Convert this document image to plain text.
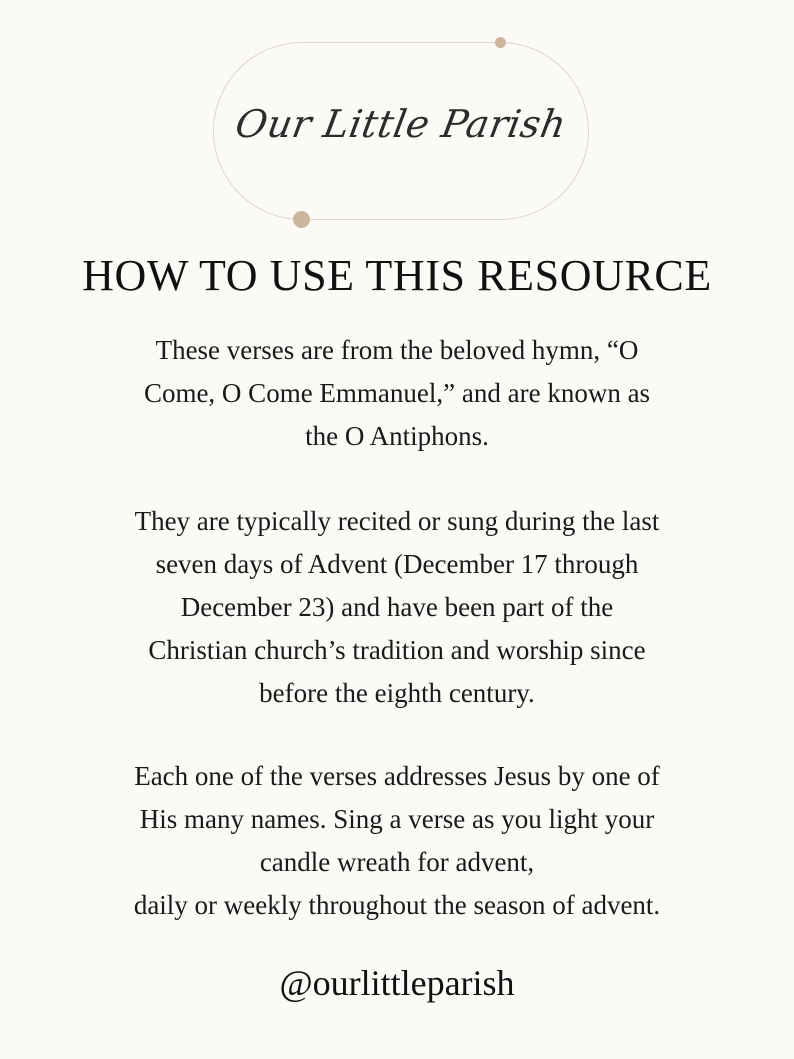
Our Little Parish
HOW TO USE THIS RESOURCE
These verses are from the beloved hymn, “O
Come, O Come Emmanuel,” and are known as
the O Antiphons.
They are typically recited or sung during the last
seven days of Advent (December 17 through
December 23) and have been part of the
Christian church’s tradition and worship since
before the eighth century.
Each one of the verses addresses Jesus by one of
His many names. Sing a verse as you light your
candle wreath for advent,
daily or weekly throughout the season of advent.
@ourlittleparish
